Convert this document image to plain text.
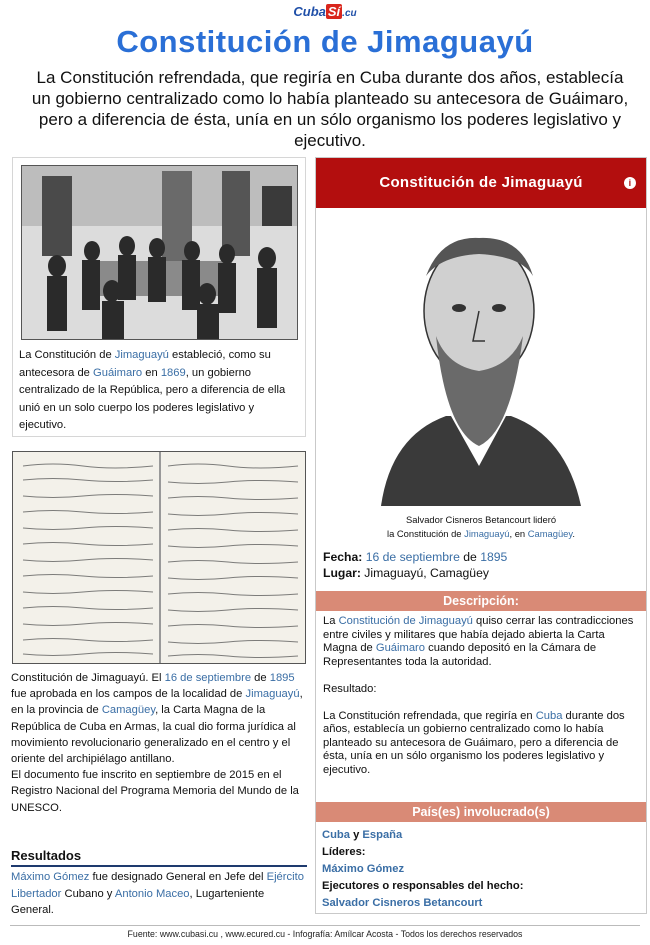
Cuba Sí .cu
Constitución de Jimaguayú

La Constitución refrendada, que regiría en Cuba durante dos años, establecía un gobierno centralizado como lo había planteado su antecesora de Guáimaro, pero a diferencia de ésta, unía en un sólo organismo los poderes legislativo y ejecutivo.

La Constitución de Jimaguayú estableció, como su antecesora de Guáimaro en 1869, un gobierno centralizado de la República, pero a diferencia de ella unió en un solo cuerpo los poderes legislativo y ejecutivo.

Constitución de Jimaguayú. El 16 de septiembre de 1895 fue aprobada en los campos de la localidad de Jimaguayú, en la provincia de Camagüey, la Carta Magna de la República de Cuba en Armas, la cual dio forma jurídica al movimiento revolucionario generalizado en el centro y el oriente del archipiélago antillano.
El documento fue inscrito en septiembre de 2015 en el Registro Nacional del Programa Memoria del Mundo de la UNESCO.

Resultados

Máximo Gómez fue designado General en Jefe del Ejército Libertador Cubano y Antonio Maceo, Lugarteniente General.

Constitución de Jimaguayú	i

Salvador Cisneros Betancourt lideró
la Constitución de Jimaguayú, en Camagüey.

Fecha: 16 de septiembre de 1895
Lugar: Jimaguayú, Camagüey
Descripción:

La Constitución de Jimaguayú quiso cerrar las contradicciones entre civiles y militares que había dejado abierta la Carta Magna de Guáimaro cuando depositó en la Cámara de Representantes toda la autoridad.

Resultado:

La Constitución refrendada, que regiría en Cuba durante dos años, establecía un gobierno centralizado como lo había planteado su antecesora de Guáimaro, pero a diferencia de ésta, unía en un sólo organismo los poderes legislativo y ejecutivo.

País(es) involucrado(s)
Cuba y España
Líderes:
Máximo Gómez
Ejecutores o responsables del hecho:
Salvador Cisneros Betancourt

Fuente: www.cubasi.cu , www.ecured.cu - Infografía: Amílcar Acosta - Todos los derechos reservados
